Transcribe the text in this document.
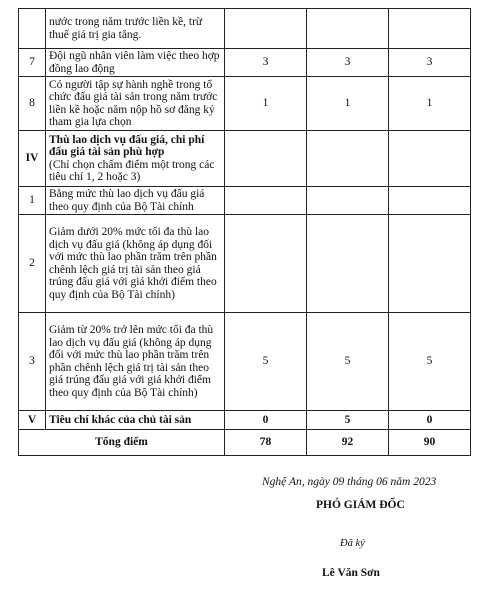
	nước trong năm trước liền kề, trừ thuế giá trị gia tăng.			
7	Đội ngũ nhân viên làm việc theo hợp đồng lao động	3	3	3
8	Có người tập sự hành nghề trong tổ chức đấu giá tài sản trong năm trước liền kề hoặc năm nộp hồ sơ đăng ký tham gia lựa chọn	1	1	1
IV	Thù lao dịch vụ đấu giá, chi phí đấu giá tài sản phù hợp
(Chỉ chọn chấm điểm một trong các tiêu chí 1, 2 hoặc 3)			

1	Bằng mức thù lao dịch vụ đấu giá theo quy định của Bộ Tài chính			
2	Giảm dưới 20% mức tối đa thù lao dịch vụ đấu giá (không áp dụng đối với mức thù lao phần trăm trên phần chênh lệch giá trị tài sản theo giá trúng đấu giá với giá khởi điểm theo quy định của Bộ Tài chính)			
3	Giảm từ 20% trở lên mức tối đa thù lao dịch vụ đấu giá (không áp dụng đối với mức thù lao phần trăm trên phần chênh lệch giá trị tài sản theo giá trúng đấu giá với giá khởi điểm theo quy định của Bộ Tài chính)	5	5	5
V	Tiêu chí khác của chủ tài sản	0	5	0
Tổng điểm		78	92	90
Nghệ An, ngày 09 tháng 06 năm 2023
PHÓ GIÁM ĐỐC
Đã ký
Lê Văn Sơn
